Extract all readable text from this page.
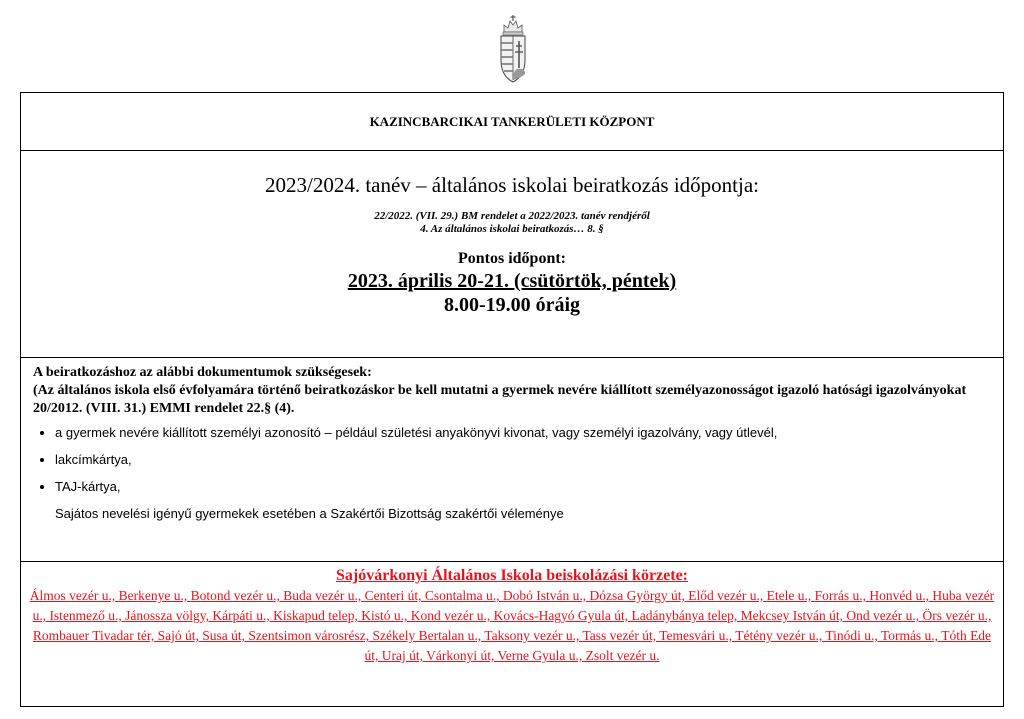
KAZINCBARCIKAI TANKERÜLETI KÖZPONT
2023/2024. tanév – általános iskolai beiratkozás időpontja:
22/2022. (VII. 29.) BM rendelet a 2022/2023. tanév rendjéről
4. Az általános iskolai beiratkozás… 8. §
Pontos időpont:
2023. április 20-21. (csütörtök, péntek)
8.00-19.00 óráig
A beiratkozáshoz az alábbi dokumentumok szükségesek:
(Az általános iskola első évfolyamára történő beiratkozáskor be kell mutatni a gyermek nevére kiállított személyazonosságot igazoló hatósági igazolványokat 20/2012. (VIII. 31.) EMMI rendelet 22.§ (4).
• a gyermek nevére kiállított személyi azonosító – például születési anyakönyvi kivonat, vagy személyi igazolvány, vagy útlevél,
• lakcímkártya,
• TAJ-kártya,
Sajátos nevelési igényű gyermekek esetében a Szakértői Bizottság szakértői véleménye
Sajóvárkonyi Általános Iskola beiskolázási körzete:
Álmos vezér u., Berkenye u., Botond vezér u., Buda vezér u., Centeri út, Csontalma u., Dobó István u., Dózsa György út, Előd vezér u., Etele u., Forrás u., Honvéd u., Huba vezér u., Istenmező u., Jánossza völgy, Kárpáti u., Kiskapud telep, Kistó u., Kond vezér u., Kovács-Hagyó Gyula út, Ladánybánya telep, Mekcsey István út, Ond vezér u., Örs vezér u., Rombauer Tivadar tér, Sajó út, Susa út, Szentsimon városrész, Székely Bertalan u., Taksony vezér u., Tass vezér út, Temesvári u., Tétény vezér u., Tinódi u., Tormás u., Tóth Ede út, Uraj út, Várkonyi út, Verne Gyula u., Zsolt vezér u.
